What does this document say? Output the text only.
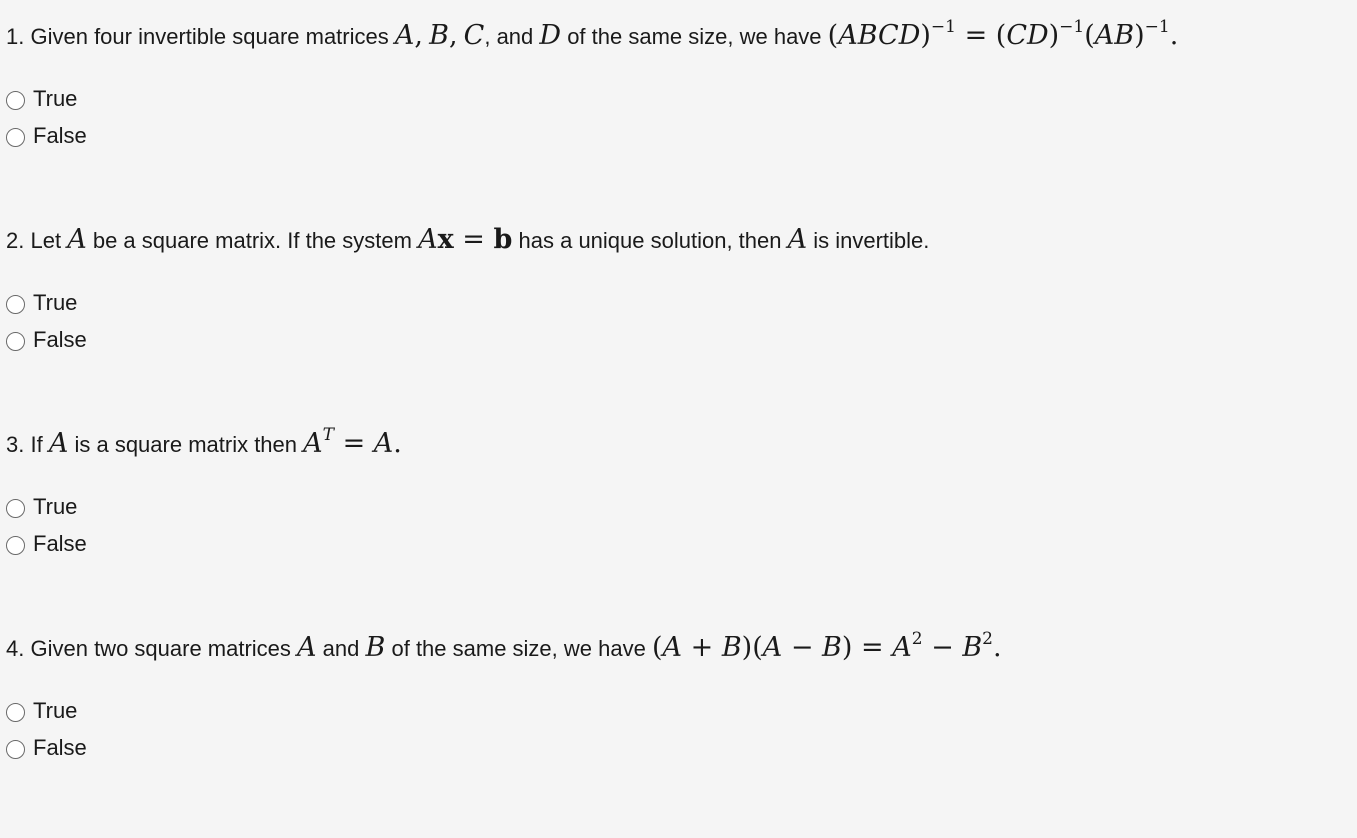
1. Given four invertible square matrices A, B, C, and D of the same size, we have (ABCD)$^{-1}$ = (CD)$^{-1}$(AB)$^{-1}$.

True
False

2. Let A be a square matrix. If the system Ax = b has a unique solution, then A is invertible.

True
False

3. If A is a square matrix then $A^T = A$.

True
False

4. Given two square matrices A and B of the same size, we have $(A + B)(A - B) = A^2 - B^2$.

True
False
